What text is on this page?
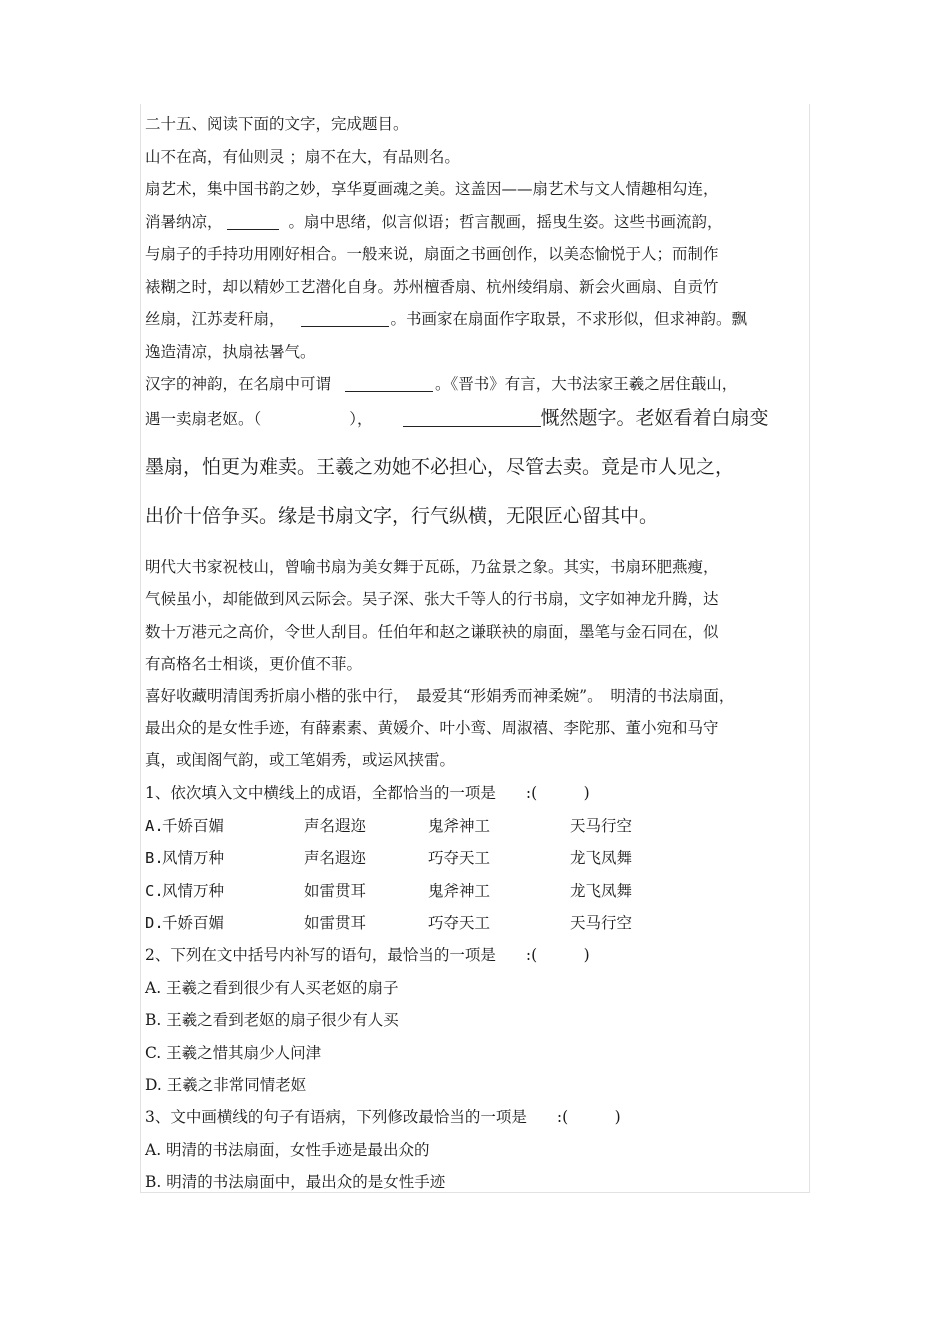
二十五、阅读下面的文字，完成题目。
山不在高，有仙则灵 ；扇不在大，有品则名。
扇艺术，集中国书韵之妙，享华夏画魂之美。这盖因——扇艺术与文人情趣相勾连，
消暑纳凉，	。扇中思绪，似言似语；哲言靓画，摇曳生姿。这些书画流韵，
与扇子的手持功用刚好相合。一般来说，扇面之书画创作，以美态愉悦于人；而制作
裱糊之时，却以精妙工艺潜化自身。苏州檀香扇、杭州绫绢扇、新会火画扇、自贡竹
丝扇，江苏麦秆扇，	。书画家在扇面作字取景，不求形似，但求神韵。飘
逸造清凉，执扇祛暑气。
汉字的神韵，在名扇中可谓	。《晋书》有言，大书法家王羲之居住蕺山，
遇一卖扇老妪。（	），	慨然题字。老妪看着白扇变
墨扇，怕更为难卖。王羲之劝她不必担心，尽管去卖。竟是市人见之，
出价十倍争买。缘是书扇文字，行气纵横，无限匠心留其中。
明代大书家祝枝山，曾喻书扇为美女舞于瓦砾，乃盆景之象。其实，书扇环肥燕瘦，
气候虽小，却能做到风云际会。吴子深、张大千等人的行书扇，文字如神龙升腾，达
数十万港元之高价，令世人刮目。任伯年和赵之谦联袂的扇面，墨笔与金石同在，似
有高格名士相谈，更价值不菲。
喜好收藏明清闺秀折扇小楷的张中行，　最爱其“形娟秀而神柔婉”。　明清的书法扇面，
最出众的是女性手迹，有薛素素、黄媛介、叶小鸾、周淑禧、李陀那、董小宛和马守
真，或闺阁气韵，或工笔娟秀，或运风挟雷。
1、依次填入文中横线上的成语，全都恰当的一项是 :(　　　)
A.
千娇百媚	声名遐迩	鬼斧神工	天马行空
B.
风情万种	声名遐迩	巧夺天工	龙飞凤舞
C.
风情万种	如雷贯耳	鬼斧神工	龙飞凤舞
D.
千娇百媚	如雷贯耳	巧夺天工	天马行空
2、下列在文中括号内补写的语句，最恰当的一项是 :(　　　)
A. 王羲之看到很少有人买老妪的扇子
B. 王羲之看到老妪的扇子很少有人买
C. 王羲之惜其扇少人问津
D. 王羲之非常同情老妪
3、文中画横线的句子有语病，下列修改最恰当的一项是 :(　　　)
A. 明清的书法扇面，女性手迹是最出众的
B. 明清的书法扇面中，最出众的是女性手迹
